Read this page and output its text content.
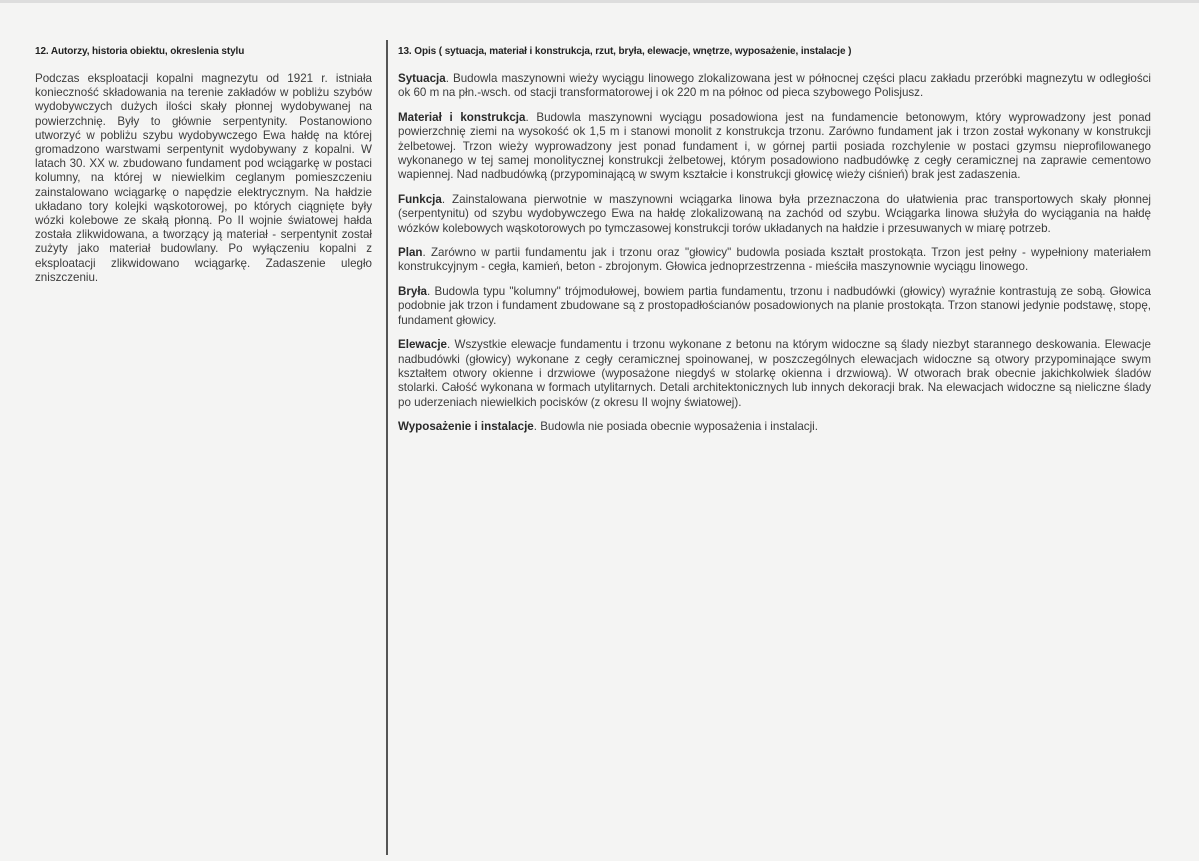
12. Autorzy, historia obiektu, okreslenia stylu

Podczas eksploatacji kopalni magnezytu od 1921 r. istniała konieczność składowania na terenie zakładów w pobliżu szybów wydobywczych dużych ilości skały płonnej wydobywanej na powierzchnię. Były to głównie serpentynity. Postanowiono utworzyć w pobliżu szybu wydobywczego Ewa hałdę na której gromadzono warstwami serpentynit wydobywany z kopalni. W latach 30. XX w. zbudowano fundament pod wciągarkę w postaci kolumny, na której w niewielkim ceglanym pomieszczeniu zainstalowano wciągarkę o napędzie elektrycznym. Na hałdzie układano tory kolejki wąskotorowej, po których ciągnięte były wózki kolebowe ze skałą płonną. Po II wojnie światowej hałda została zlikwidowana, a tworzący ją materiał - serpentynit został zużyty jako materiał budowlany. Po wyłączeniu kopalni z eksploatacji zlikwidowano wciągarkę. Zadaszenie uległo zniszczeniu.

13. Opis ( sytuacja, materiał i konstrukcja, rzut, bryła, elewacje, wnętrze, wyposażenie, instalacje )

Sytuacja. Budowla maszynowni wieży wyciągu linowego zlokalizowana jest w północnej części placu zakładu przeróbki magnezytu w odległości ok 60 m na płn.-wsch. od stacji transformatorowej i ok 220 m na północ od pieca szybowego Polisjusz.

Materiał i konstrukcja. Budowla maszynowni wyciągu posadowiona jest na fundamencie betonowym, który wyprowadzony jest ponad powierzchnię ziemi na wysokość ok 1,5 m i stanowi monolit z konstrukcja trzonu. Zarówno fundament jak i trzon został wykonany w konstrukcji żelbetowej. Trzon wieży wyprowadzony jest ponad fundament i, w górnej partii posiada rozchylenie w postaci gzymsu nieprofilowanego wykonanego w tej samej monolitycznej konstrukcji żelbetowej, którym posadowiono nadbudówkę z cegły ceramicznej na zaprawie cementowo wapiennej. Nad nadbudówką (przypominającą w swym kształcie i konstrukcji głowicę wieży ciśnień) brak jest zadaszenia.

Funkcja. Zainstalowana pierwotnie w maszynowni wciągarka linowa była przeznaczona do ułatwienia prac transportowych skały płonnej (serpentynitu) od szybu wydobywczego Ewa na hałdę zlokalizowaną na zachód od szybu. Wciągarka linowa służyła do wyciągania na hałdę wózków kolebowych wąskotorowych po tymczasowej konstrukcji torów układanych na hałdzie i przesuwanych w miarę potrzeb.

Plan. Zarówno w partii fundamentu jak i trzonu oraz "głowicy" budowla posiada kształt prostokąta. Trzon jest pełny - wypełniony materiałem konstrukcyjnym - cegła, kamień, beton - zbrojonym. Głowica jednoprzestrzenna - mieściła maszynownie wyciągu linowego.

Bryła. Budowla typu "kolumny" trójmodułowej, bowiem partia fundamentu, trzonu i nadbudówki (głowicy) wyraźnie kontrastują ze sobą. Głowica podobnie jak trzon i fundament zbudowane są z prostopadłościanów posadowionych na planie prostokąta. Trzon stanowi jedynie podstawę, stopę, fundament głowicy.

Elewacje. Wszystkie elewacje fundamentu i trzonu wykonane z betonu na którym widoczne są ślady niezbyt starannego deskowania. Elewacje nadbudówki (głowicy) wykonane z cegły ceramicznej spoinowanej, w poszczególnych elewacjach widoczne są otwory przypominające swym kształtem otwory okienne i drzwiowe (wyposażone niegdyś w stolarkę okienna i drzwiową). W otworach brak obecnie jakichkolwiek śladów stolarki. Całość wykonana w formach utylitarnych. Detali architektonicznych lub innych dekoracji brak. Na elewacjach widoczne są nieliczne ślady po uderzeniach niewielkich pocisków (z okresu II wojny światowej).

Wyposażenie i instalacje. Budowla nie posiada obecnie wyposażenia i instalacji.
